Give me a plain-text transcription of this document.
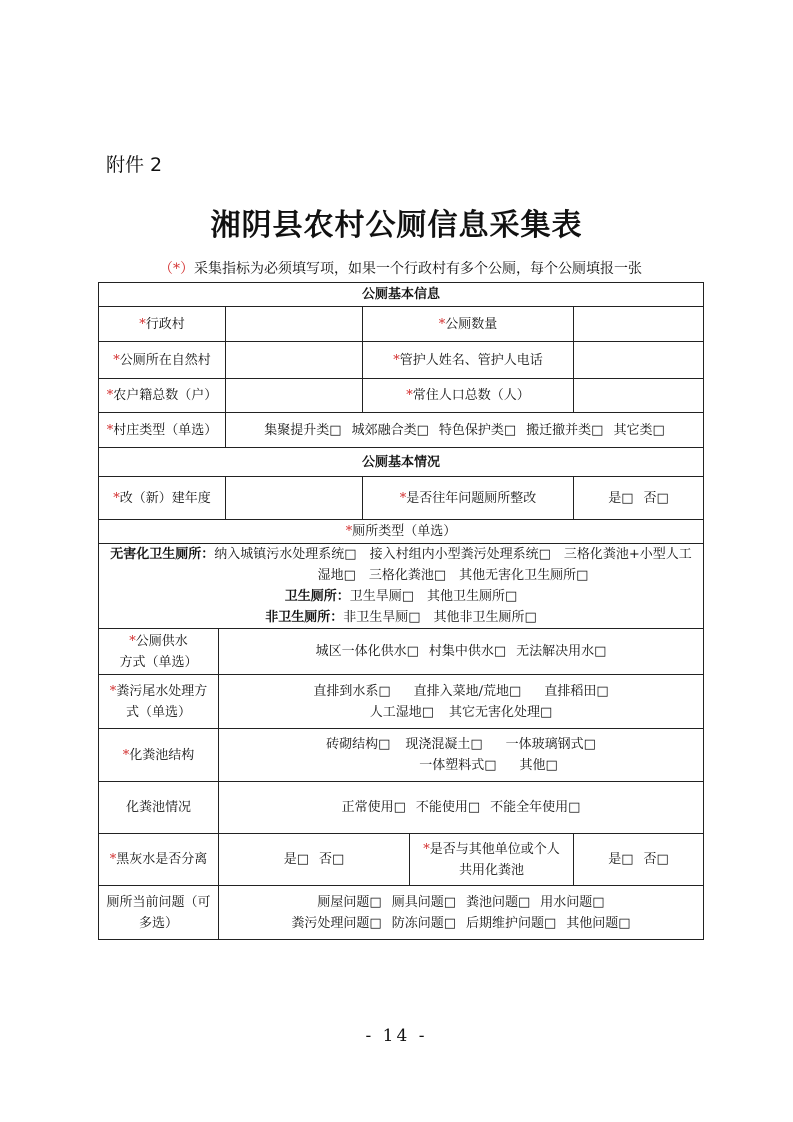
附件 2
湘阴县农村公厕信息采集表
（*）采集指标为必须填写项，如果一个行政村有多个公厕，每个公厕填报一张
公厕基本信息					
*行政村			*公厕数量		
*公厕所在自然村			*管护人姓名、管护人电话		
*农户籍总数（户）			*常住人口总数（人）		
*村庄类型（单选）		集聚提升类□ 城郊融合类□ 特色保护类□ 搬迁撤并类□ 其它类□			
公厕基本情况					
*改（新）建年度			*是否往年问题厕所整改		是□ 否□
*厕所类型（单选）					
无害化卫生厕所：纳入城镇污水处理系统□　接入村组内小型粪污处理系统□　三格化粪池+小型人工

湿地□　三格化粪池□　其他无害化卫生厕所□
卫生厕所：卫生旱厕□　其他卫生厕所□
非卫生厕所：非卫生旱厕□　其他非卫生厕所□					
*公厕供水
方式（单选）	城区一体化供水□ 村集中供水□ 无法解决用水□				
*粪污尾水处理方
式（单选）	直排到水系□ 直排入菜地/荒地□ 直排稻田□
人工湿地□ 其它无害化处理□				
*化粪池结构	砖砌结构□ 现浇混凝土□ 一体玻璃钢式□
一体塑料式□ 其他□				
化粪池情况	正常使用□ 不能使用□ 不能全年使用□				
*黑灰水是否分离	是□ 否□			*是否与其他单位或个人
共用化粪池	是□ 否□
厕所当前问题（可
多选）	厕屋问题□ 厕具问题□ 粪池问题□ 用水问题□
粪污处理问题□ 防冻问题□ 后期维护问题□ 其他问题□				
- 14 -
